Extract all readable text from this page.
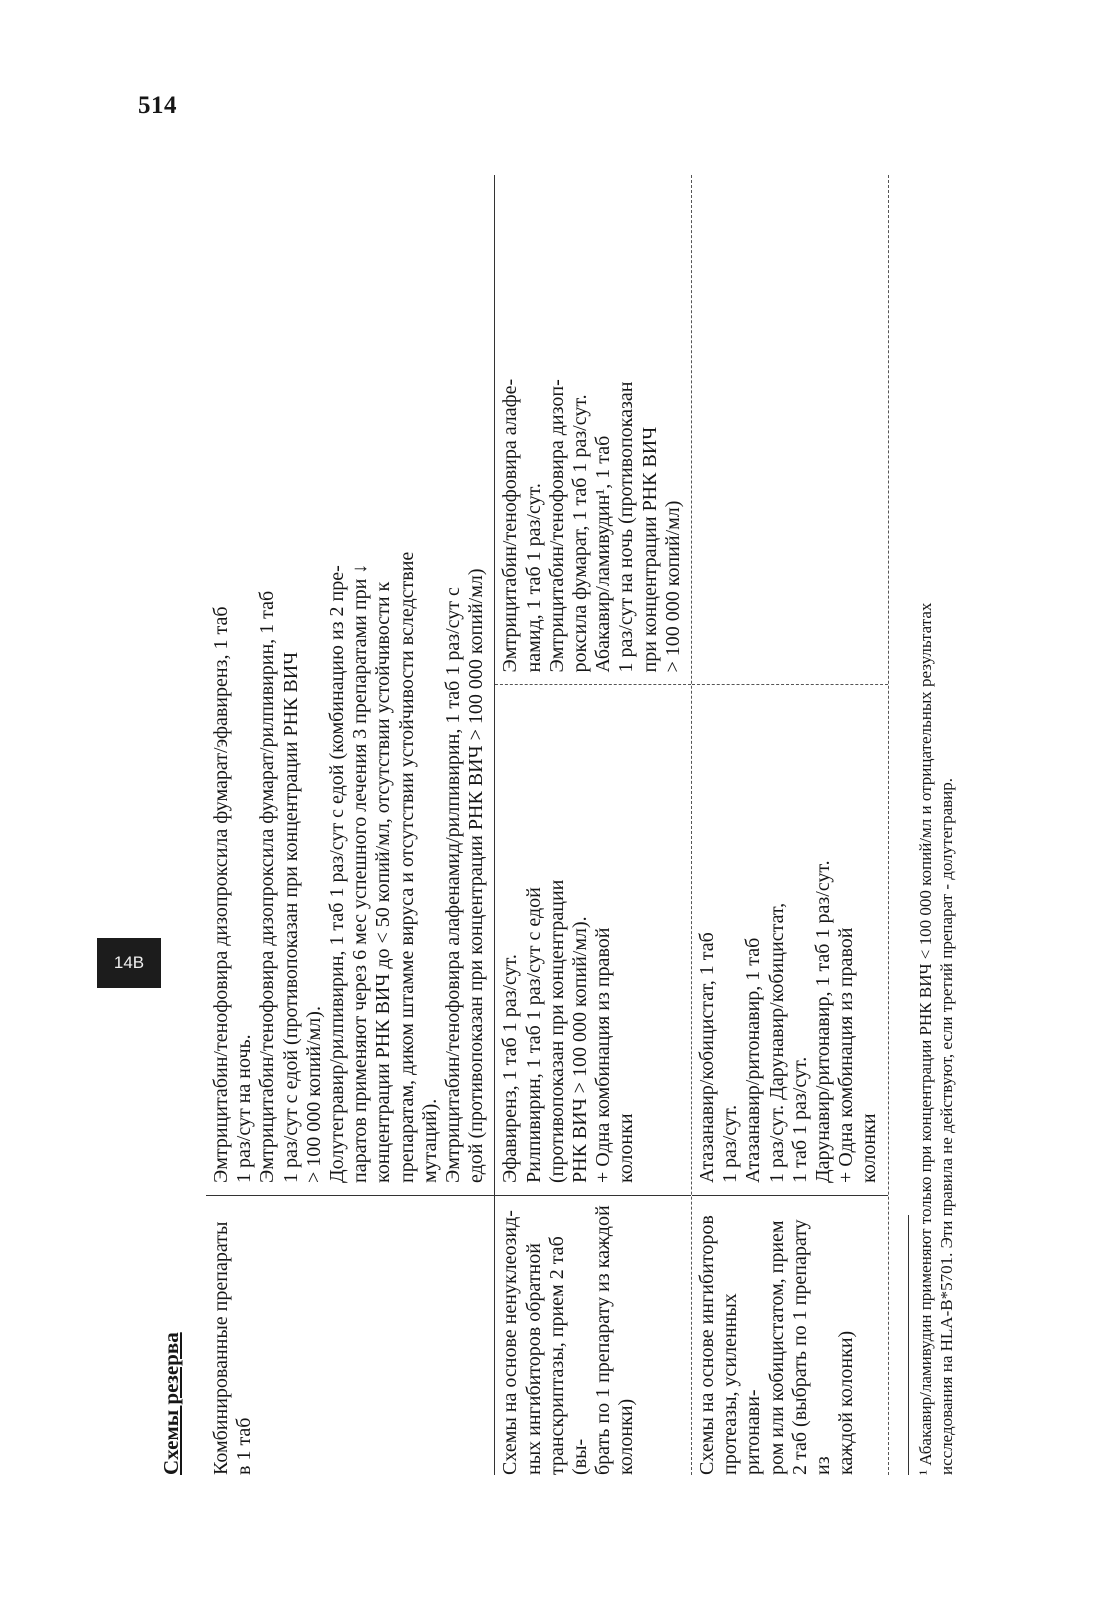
514
14B
Схемы резерва Комбинированные препараты в 1 таб
Эмтрицитабин/тенофовира дизопроксила фумарат/эфавиренз, 1 таб 1 раз/сут на ночь. Эмтрицитабин/тенофовира дизопроксила фумарат/рилпивирин, 1 таб 1 раз/сут с едой (противопоказан при концентрации РНК ВИЧ > 100 000 копий/мл). Долутегравир/рилпивирин, 1 таб 1 раз/сут с едой (комбинацию из 2 пре- паратов применяют через 6 мес успешного лечения 3 препаратами при ↓ концентрации РНК ВИЧ до < 50 копий/мл, отсутствии устойчивости к препаратам, диком штамме вируса и отсутствии устойчивости вследствие мутаций). Эмтрицитабин/тенофовира алафенамид/рилпивирин, 1 таб 1 раз/сут с едой (противопоказан при концентрации РНК ВИЧ > 100 000 копий/мл)
Схемы на основе ненуклеозид- ных ингибиторов обратной транскриптазы, прием 2 таб (вы- брать по 1 препарату из каждой колонки)
Эфавиренз, 1 таб 1 раз/сут. Рилпивирин, 1 таб 1 раз/сут с едой (противопоказан при концентрации РНК ВИЧ > 100 000 копий/мл). + Одна комбинация из правой колонки
Эмтрицитабин/тенофовира алафе- намид, 1 таб 1 раз/сут. Эмтрицитабин/тенофовира дизоп- роксила фумарат, 1 таб 1 раз/сут. Абакавир/ламивудин¹, 1 таб 1 раз/сут на ночь (противопоказан при концентрации РНК ВИЧ > 100 000 копий/мл)
Схемы на основе ингибиторов протеазы, усиленных ритонави- ром или кобицистатом, прием 2 таб (выбрать по 1 препарату из каждой колонки)
Атазанавир/кобицистат, 1 таб 1 раз/сут. Атазанавир/ритонавир, 1 таб 1 раз/сут. Дарунавир/кобицистат, 1 таб 1 раз/сут. Дарунавир/ритонавир, 1 таб 1 раз/сут. + Одна комбинация из правой колонки ¹ Абакавир/ламивудин применяют только при концентрации РНК ВИЧ < 100 000 копий/мл и отрицательных результатах исследования на HLA-B*5701. Эти правила не действуют, если третий препарат - долутегравир.
